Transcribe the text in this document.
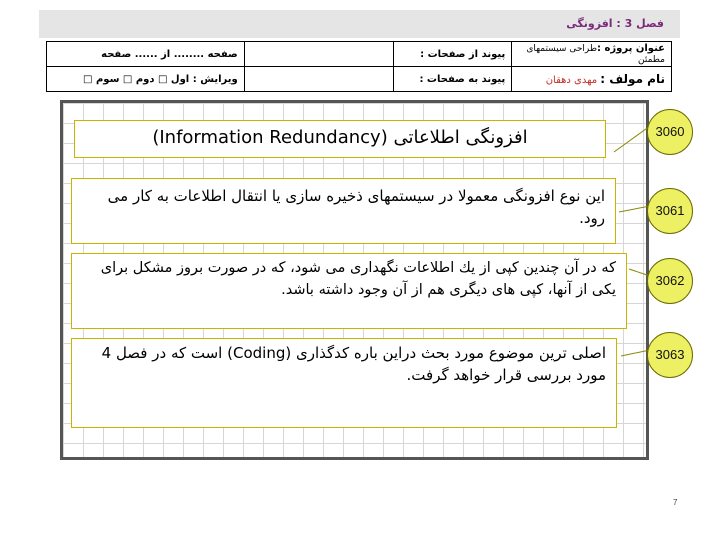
فصل 3 : افزونگی
عنوان پروژه :طراحی سیستمهای مطمئن	پیوند از صفحات :		صفحه ........ از ...... صفحه
نام مولف : مهدی دهقان	پیوند به صفحات :		ویرایش : اول □ دوم □ سوم □
افزونگی اطلاعاتی (Information Redundancy)
این نوع افزونگی معمولا در سیستمهای ذخیره سازی یا انتقال اطلاعات به کار می رود.
که در آن چندین کپی از یك اطلاعات نگهداری می شود، که در صورت بروز مشکل برای یکی از آنها، کپی های دیگری هم از آن وجود داشته باشد.
اصلی ترین موضوع مورد بحث دراین باره کدگذاری (Coding) است که در فصل 4 مورد بررسی قرار خواهد گرفت.
3060
3061
3062
3063
7
